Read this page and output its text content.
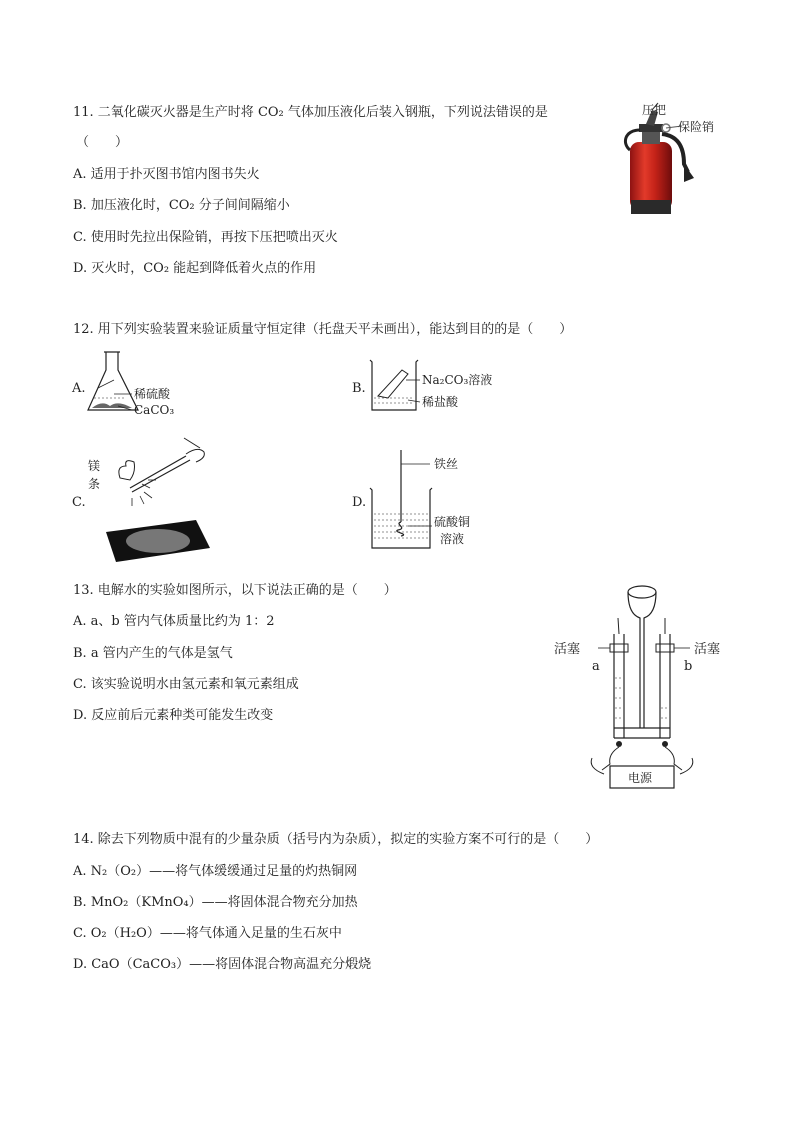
11. 二氧化碳灭火器是生产时将 CO₂ 气体加压液化后装入钢瓶，下列说法错误的是
（　　）
A. 适用于扑灭图书馆内图书失火
B. 加压液化时，CO₂ 分子间间隔缩小
C. 使用时先拉出保险销，再按下压把喷出灭火
D. 灭火时，CO₂ 能起到降低着火点的作用
压把
保险销
12. 用下列实验装置来验证质量守恒定律（托盘天平未画出），能达到目的的是（　　）
A.	稀硫酸
CaCO₃
B.
Na₂CO₃溶液
稀盐酸
C.
镁
条
D.
铁丝
硫酸铜
溶液
13. 电解水的实验如图所示，以下说法正确的是（　　）
A. a、b 管内气体质量比约为 1：2
B. a 管内产生的气体是氢气
C. 该实验说明水由氢元素和氧元素组成
D. 反应前后元素种类可能发生改变
电源
活塞	活塞
a	b
14. 除去下列物质中混有的少量杂质（括号内为杂质），拟定的实验方案不可行的是（　　）
A. N₂（O₂）——将气体缓缓通过足量的灼热铜网
B. MnO₂（KMnO₄）——将固体混合物充分加热
C. O₂（H₂O）——将气体通入足量的生石灰中
D. CaO（CaCO₃）——将固体混合物高温充分煅烧
